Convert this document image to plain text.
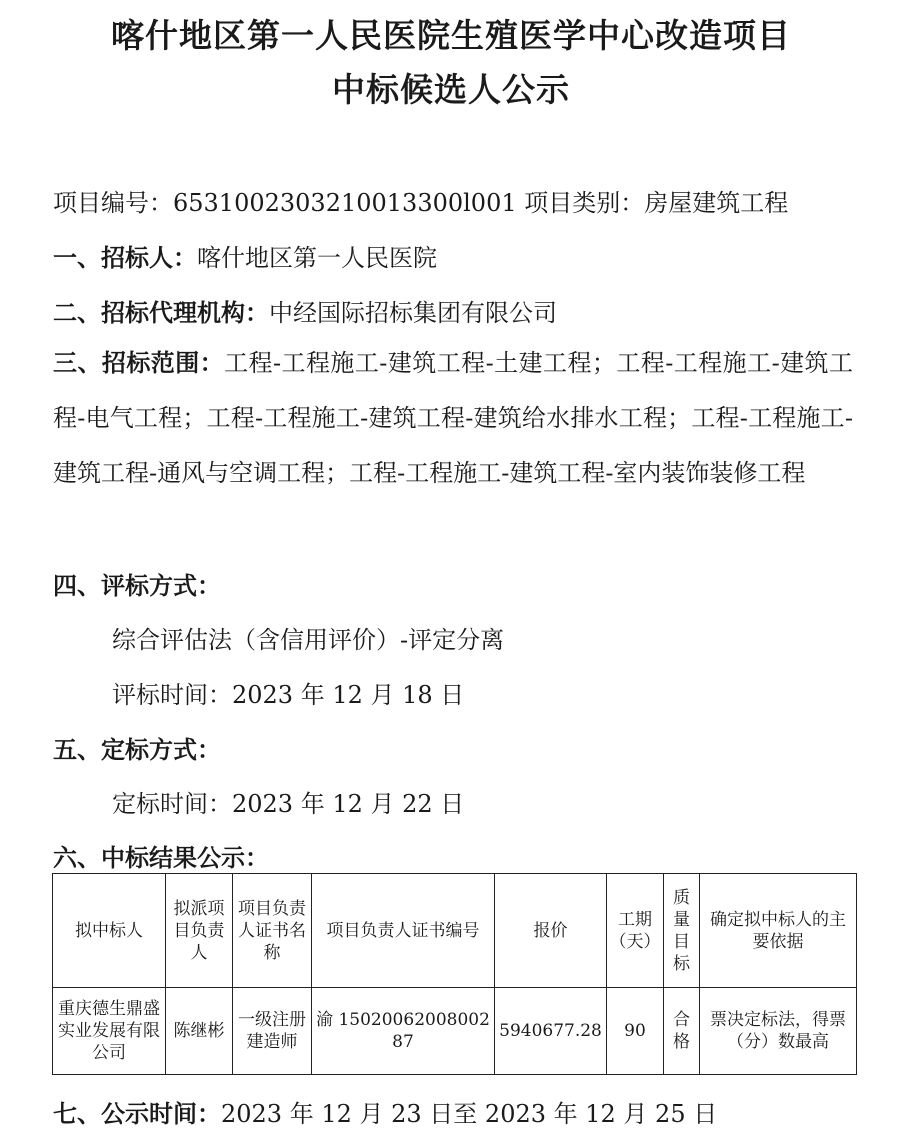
喀什地区第一人民医院生殖医学中心改造项目
中标候选人公示
项目编号：6531002303210013300l001 项目类别：房屋建筑工程
一、招标人：喀什地区第一人民医院
二、招标代理机构：中经国际招标集团有限公司
三、招标范围：工程-工程施工-建筑工程-土建工程；工程-工程施工-建筑工程-电气工程；工程-工程施工-建筑工程-建筑给水排水工程；工程-工程施工-建筑工程-通风与空调工程；工程-工程施工-建筑工程-室内装饰装修工程
四、评标方式：
综合评估法（含信用评价）-评定分离
评标时间：2023 年 12 月 18 日
五、定标方式：
定标时间：2023 年 12 月 22 日
六、中标结果公示：
拟中标人	拟派项目负责人	项目负责人证书名称	项目负责人证书编号	报价	工期（天）	质量目标	确定拟中标人的主要依据
重庆德生鼎盛实业发展有限公司	陈继彬	一级注册建造师	渝 1502006200800287	5940677.28	90	合格	票决定标法，得票（分）数最高
七、公示时间：2023 年 12 月 23 日至 2023 年 12 月 25 日
